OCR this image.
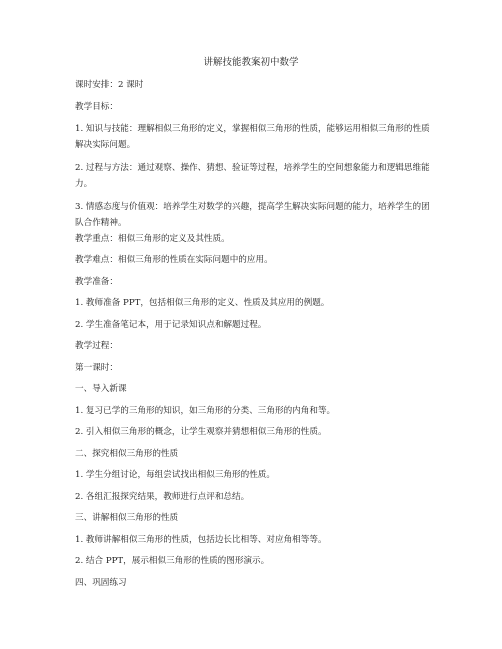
讲解技能教案初中数学
课时安排：2 课时
教学目标：
1. 知识与技能：理解相似三角形的定义，掌握相似三角形的性质，能够运用相似三角形的性质解决实际问题。
2. 过程与方法：通过观察、操作、猜想、验证等过程，培养学生的空间想象能力和逻辑思维能力。
3. 情感态度与价值观：培养学生对数学的兴趣，提高学生解决实际问题的能力，培养学生的团队合作精神。
教学重点：相似三角形的定义及其性质。
教学难点：相似三角形的性质在实际问题中的应用。
教学准备：
1. 教师准备 PPT，包括相似三角形的定义、性质及其应用的例题。
2. 学生准备笔记本，用于记录知识点和解题过程。
教学过程：
第一课时：
一、导入新课
1. 复习已学的三角形的知识，如三角形的分类、三角形的内角和等。
2. 引入相似三角形的概念，让学生观察并猜想相似三角形的性质。
二、探究相似三角形的性质
1. 学生分组讨论，每组尝试找出相似三角形的性质。
2. 各组汇报探究结果，教师进行点评和总结。
三、讲解相似三角形的性质
1. 教师讲解相似三角形的性质，包括边长比相等、对应角相等等。
2. 结合 PPT，展示相似三角形的性质的图形演示。
四、巩固练习
